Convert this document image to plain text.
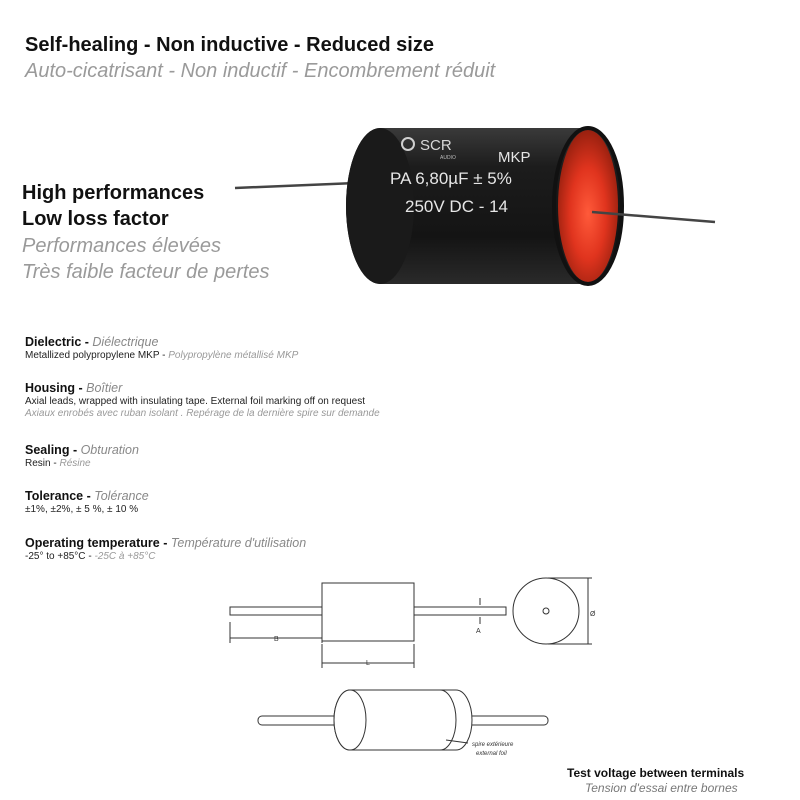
Self-healing - Non inductive - Reduced size
Auto-cicatrisant - Non inductif - Encombrement réduit
High performances
Low loss factor
Performances élevées
Très faible facteur de pertes
SCR
AUDIO	MKP
PA 6,80µF ± 5%
250V DC - 14
Dielectric - Diélectrique
Metallized polypropylene MKP - Polypropylène métallisé MKP
Housing - Boîtier
Axial leads, wrapped with insulating tape. External foil marking off on request
Axiaux enrobés avec ruban isolant . Repérage de la dernière spire sur demande
Sealing - Obturation
Resin - Résine
Tolerance - Tolérance
±1%, ±2%, ± 5 %, ± 10 %
Operating temperature - Température d'utilisation
-25° to +85°C - -25C à +85°C
B
L
A
Ø
spire extérieure
external foil
Test voltage between terminals
Tension d'essai entre bornes
